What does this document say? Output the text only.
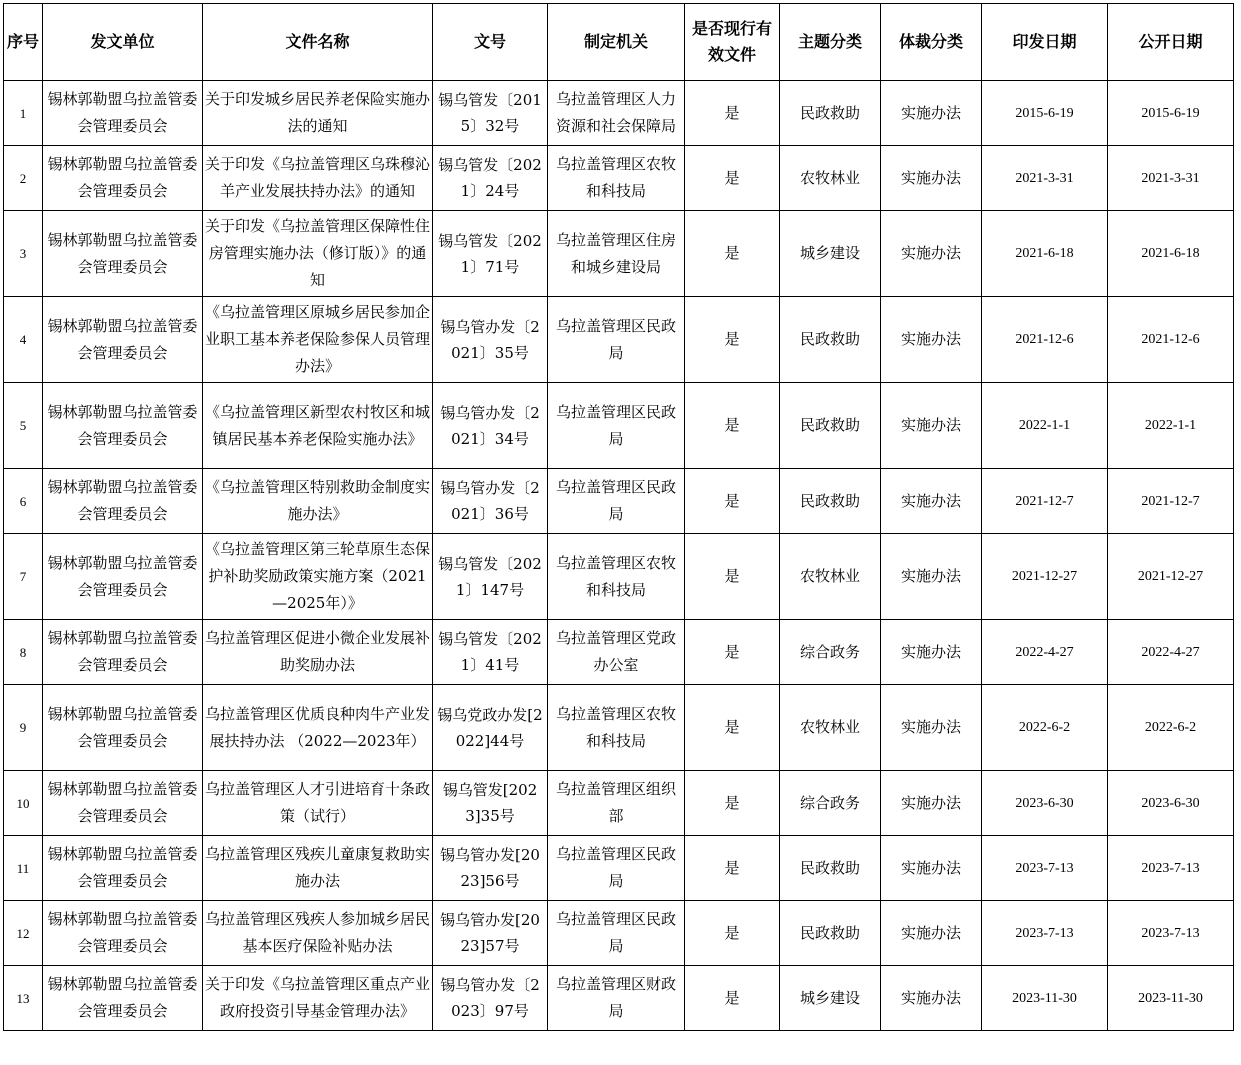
序号	发文单位	文件名称	文号	制定机关	是否现行有效文件	主题分类	体裁分类	印发日期	公开日期
1	锡林郭勒盟乌拉盖管委会管理委员会	关于印发城乡居民养老保险实施办法的通知	锡乌管发〔2015〕32号	乌拉盖管理区人力资源和社会保障局	是	民政救助	实施办法	2015-6-19	2015-6-19
2	锡林郭勒盟乌拉盖管委会管理委员会	关于印发《乌拉盖管理区乌珠穆沁羊产业发展扶持办法》的通知	锡乌管发〔2021〕24号	乌拉盖管理区农牧和科技局	是	农牧林业	实施办法	2021-3-31	2021-3-31
3	锡林郭勒盟乌拉盖管委会管理委员会	关于印发《乌拉盖管理区保障性住房管理实施办法（修订版）》的通知	锡乌管发〔2021〕71号	乌拉盖管理区住房和城乡建设局	是	城乡建设	实施办法	2021-6-18	2021-6-18
4	锡林郭勒盟乌拉盖管委会管理委员会	《乌拉盖管理区原城乡居民参加企业职工基本养老保险参保人员管理办法》	锡乌管办发〔2021〕35号	乌拉盖管理区民政局	是	民政救助	实施办法	2021-12-6	2021-12-6
5	锡林郭勒盟乌拉盖管委会管理委员会	《乌拉盖管理区新型农村牧区和城镇居民基本养老保险实施办法》	锡乌管办发〔2021〕34号	乌拉盖管理区民政局	是	民政救助	实施办法	2022-1-1	2022-1-1
6	锡林郭勒盟乌拉盖管委会管理委员会	《乌拉盖管理区特别救助金制度实施办法》	锡乌管办发〔2021〕36号	乌拉盖管理区民政局	是	民政救助	实施办法	2021-12-7	2021-12-7
7	锡林郭勒盟乌拉盖管委会管理委员会	《乌拉盖管理区第三轮草原生态保护补助奖励政策实施方案（2021—2025年）》	锡乌管发〔2021〕147号	乌拉盖管理区农牧和科技局	是	农牧林业	实施办法	2021-12-27	2021-12-27
8	锡林郭勒盟乌拉盖管委会管理委员会	乌拉盖管理区促进小微企业发展补助奖励办法	锡乌管发〔2021〕41号	乌拉盖管理区党政办公室	是	综合政务	实施办法	2022-4-27	2022-4-27
9	锡林郭勒盟乌拉盖管委会管理委员会	乌拉盖管理区优质良种肉牛产业发展扶持办法 （2022—2023年）	锡乌党政办发[2022]44号	乌拉盖管理区农牧和科技局	是	农牧林业	实施办法	2022-6-2	2022-6-2
10	锡林郭勒盟乌拉盖管委会管理委员会	乌拉盖管理区人才引进培育十条政策（试行）	锡乌管发[2023]35号	乌拉盖管理区组织部	是	综合政务	实施办法	2023-6-30	2023-6-30
11	锡林郭勒盟乌拉盖管委会管理委员会	乌拉盖管理区残疾儿童康复救助实施办法	锡乌管办发[2023]56号	乌拉盖管理区民政局	是	民政救助	实施办法	2023-7-13	2023-7-13
12	锡林郭勒盟乌拉盖管委会管理委员会	乌拉盖管理区残疾人参加城乡居民基本医疗保险补贴办法	锡乌管办发[2023]57号	乌拉盖管理区民政局	是	民政救助	实施办法	2023-7-13	2023-7-13
13	锡林郭勒盟乌拉盖管委会管理委员会	关于印发《乌拉盖管理区重点产业政府投资引导基金管理办法》	锡乌管办发〔2023〕97号	乌拉盖管理区财政局	是	城乡建设	实施办法	2023-11-30	2023-11-30
